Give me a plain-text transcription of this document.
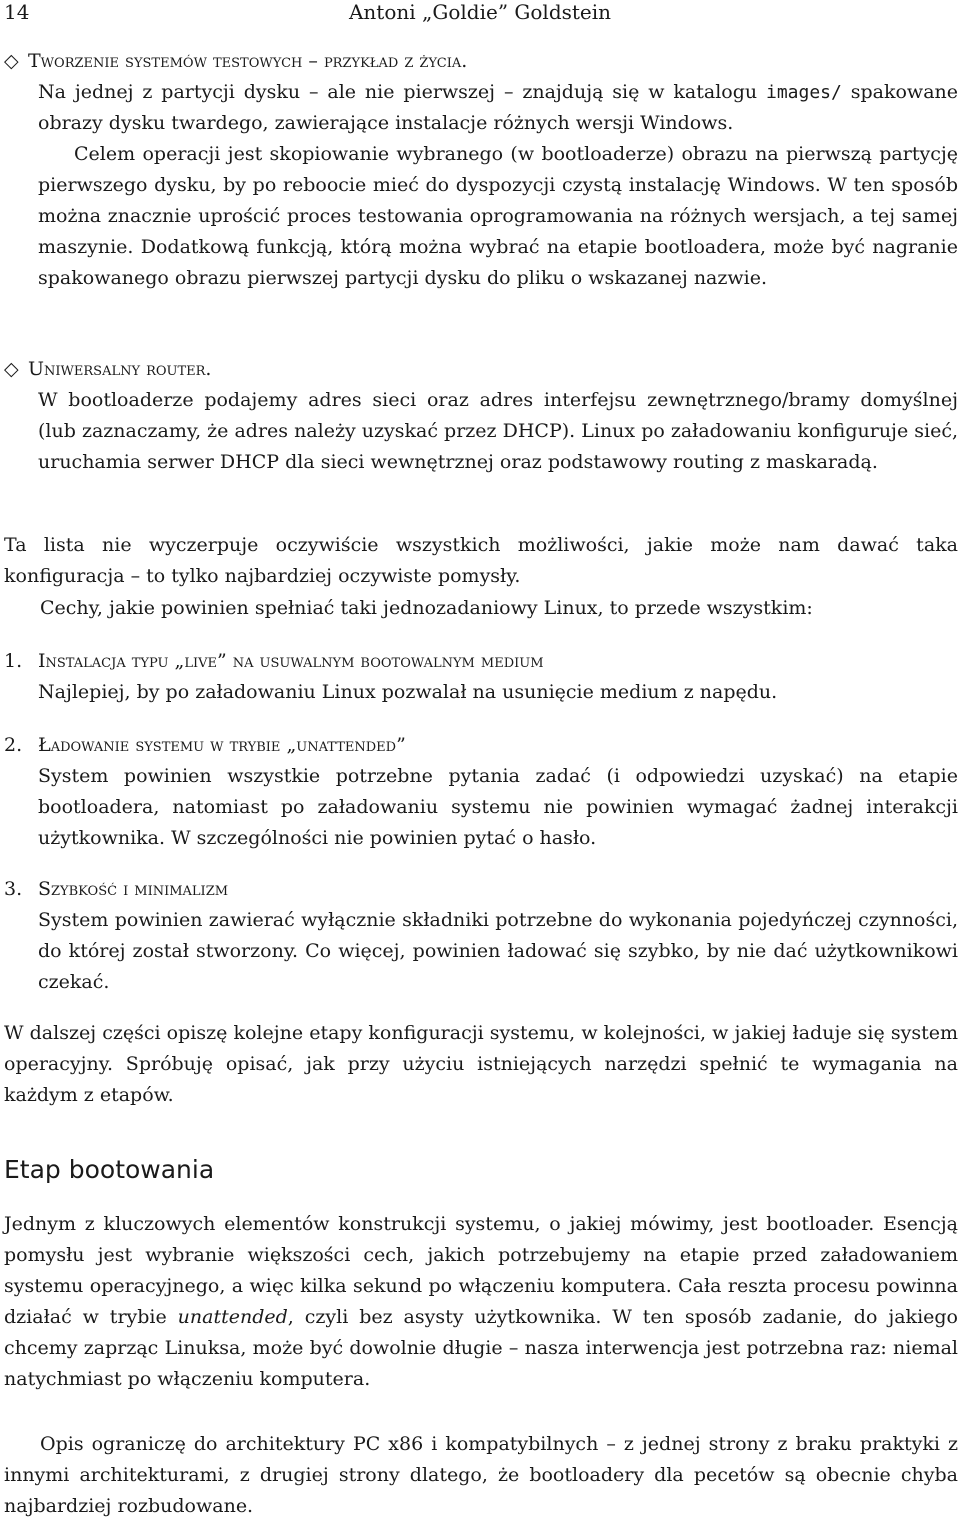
14	Antoni „Goldie” Goldstein
◇ Tworzenie systemów testowych – przykład z życia.
Na jednej z partycji dysku – ale nie pierwszej – znajdują się w katalogu images/ spakowane obrazy dysku twardego, zawierające instalacje różnych wersji Windows.
Celem operacji jest skopiowanie wybranego (w bootloaderze) obrazu na pierwszą partycję pierwszego dysku, by po reboocie mieć do dyspozycji czystą instalację Windows. W ten sposób można znacznie uprościć proces testowania oprogramowania na różnych wersjach, a tej samej maszynie. Dodatkową funkcją, którą można wybrać na etapie bootloadera, może być nagranie spakowanego obrazu pierwszej partycji dysku do pliku o wskazanej nazwie.
◇ Uniwersalny router.
W bootloaderze podajemy adres sieci oraz adres interfejsu zewnętrznego/bramy domyślnej (lub zaznaczamy, że adres należy uzyskać przez DHCP). Linux po załadowaniu konfiguruje sieć, uruchamia serwer DHCP dla sieci wewnętrznej oraz podstawowy routing z maskaradą.
Ta lista nie wyczerpuje oczywiście wszystkich możliwości, jakie może nam dawać taka konfiguracja – to tylko najbardziej oczywiste pomysły.
Cechy, jakie powinien spełniać taki jednozadaniowy Linux, to przede wszystkim:
1. Instalacja typu „live” na usuwalnym bootowalnym medium
Najlepiej, by po załadowaniu Linux pozwalał na usunięcie medium z napędu.
2. Ładowanie systemu w trybie „unattended”
System powinien wszystkie potrzebne pytania zadać (i odpowiedzi uzyskać) na etapie bootloadera, natomiast po załadowaniu systemu nie powinien wymagać żadnej interakcji użytkownika. W szczególności nie powinien pytać o hasło.
3. Szybkość i minimalizm
System powinien zawierać wyłącznie składniki potrzebne do wykonania pojedyńczej czynności, do której został stworzony. Co więcej, powinien ładować się szybko, by nie dać użytkownikowi czekać.
W dalszej części opiszę kolejne etapy konfiguracji systemu, w kolejności, w jakiej ładuje się system operacyjny. Spróbuję opisać, jak przy użyciu istniejących narzędzi spełnić te wymagania na każdym z etapów.
Etap bootowania
Jednym z kluczowych elementów konstrukcji systemu, o jakiej mówimy, jest bootloader. Esencją pomysłu jest wybranie większości cech, jakich potrzebujemy na etapie przed załadowaniem systemu operacyjnego, a więc kilka sekund po włączeniu komputera. Cała reszta procesu powinna działać w trybie unattended, czyli bez asysty użytkownika. W ten sposób zadanie, do jakiego chcemy zaprząc Linuksa, może być dowolnie długie – nasza interwencja jest potrzebna raz: niemal natychmiast po włączeniu komputera.
Opis ograniczę do architektury PC x86 i kompatybilnych – z jednej strony z braku praktyki z innymi architekturami, z drugiej strony dlatego, że bootloadery dla pecetów są obecnie chyba najbardziej rozbudowane.
